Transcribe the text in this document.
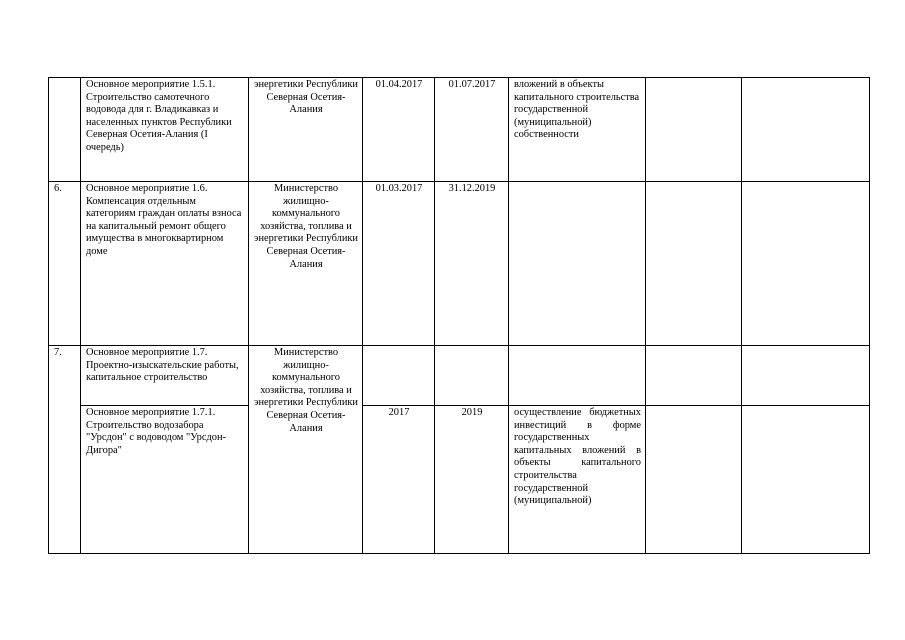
	Основное мероприятие 1.5.1. Строительство самотечного водовода для г. Владикавказ и населенных пунктов Республики Северная Осетия-Алания (I очередь)	энергетики Республики Северная Осетия-Алания	01.04.2017	01.07.2017	вложений в объекты капитального строительства государственной (муниципальной) собственности		
6.	Основное мероприятие 1.6. Компенсация отдельным категориям граждан оплаты взноса на капитальный ремонт общего имущества в многоквартирном доме	Министерство жилищно-коммунального хозяйства, топлива и энергетики Республики Северная Осетия-Алания	01.03.2017	31.12.2019			
7.	Основное мероприятие 1.7. Проектно-изыскательские работы, капитальное строительство	Министерство жилищно-коммунального хозяйства, топлива и энергетики Республики Северная Осетия-Алания					
	Основное мероприятие 1.7.1. Строительство водозабора "Урсдон" с водоводом "Урсдон-Дигора"		2017	2019	осуществление бюджетных инвестиций в форме государственных капитальных вложений в объекты капитального строительства государственной (муниципальной)		
